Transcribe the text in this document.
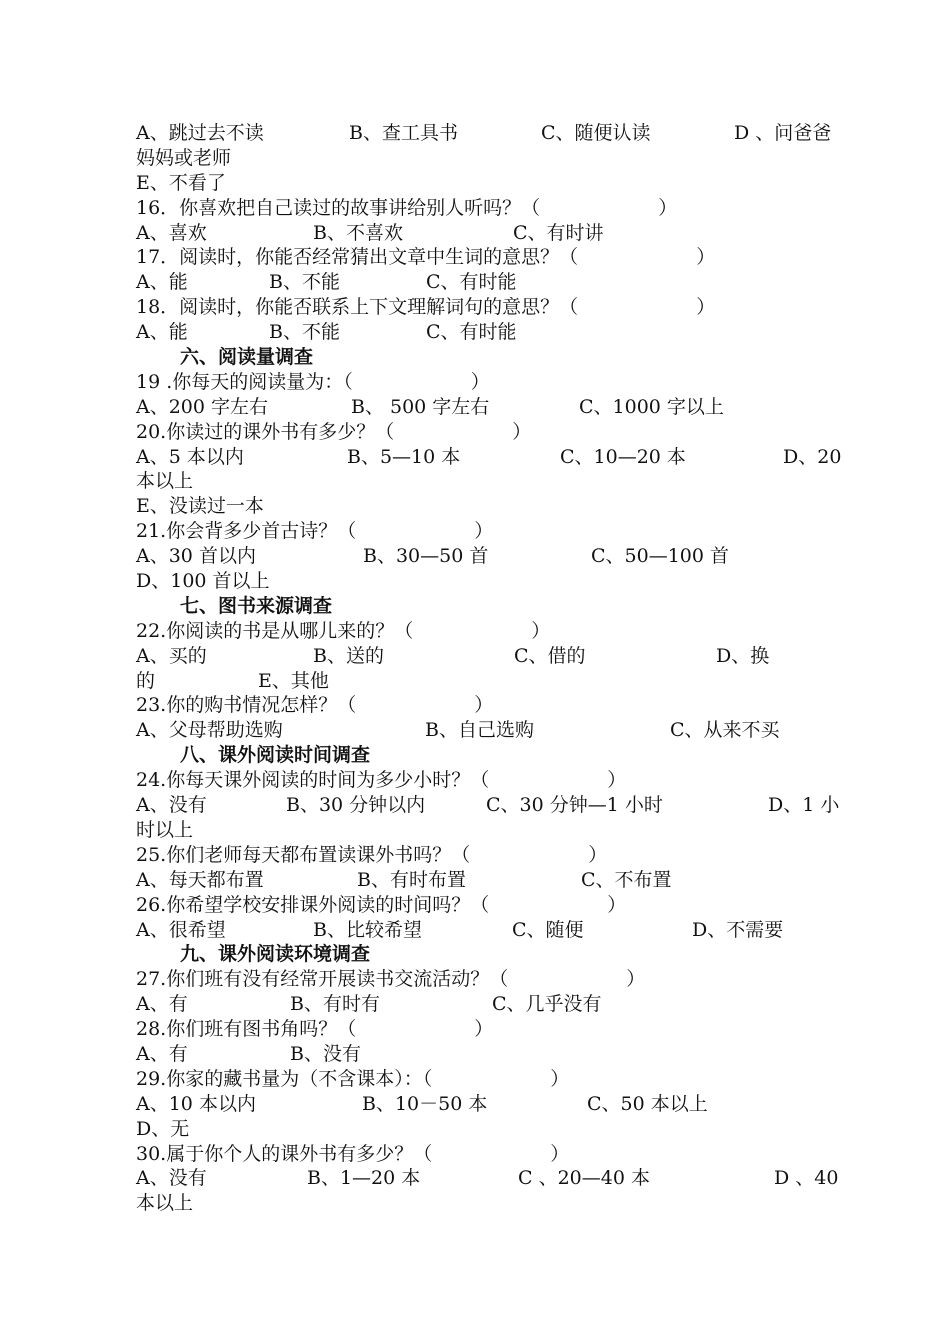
A、跳过去不读	B、查工具书	C、随便认读	D 、问爸爸
妈妈或老师
E、不看了
16．你喜欢把自己读过的故事讲给别人听吗？（	）
A、喜欢	B、不喜欢	C、有时讲
17．阅读时，你能否经常猜出文章中生词的意思？（	）
A、能	B、不能	C、有时能
18．阅读时，你能否联系上下文理解词句的意思？（	）
A、能	B、不能	C、有时能
六、阅读量调查
19 .你每天的阅读量为：（	）
A、200 字左右	B、 500 字左右	C、1000 字以上
20.你读过的课外书有多少？（	）
A、5 本以内	B、5—10 本	C、10—20 本	D、20
本以上
E、没读过一本
21.你会背多少首古诗？（	）
A、30 首以内	B、30—50 首	C、50—100 首
D、100 首以上
七、图书来源调查
22.你阅读的书是从哪儿来的？（	）
A、买的	B、送的	C、借的	D、换
的	E、其他
23.你的购书情况怎样？（	）
A、父母帮助选购	B、自己选购	C、从来不买
八、课外阅读时间调查
24.你每天课外阅读的时间为多少小时？（	）
A、没有	B、30 分钟以内	C、30 分钟—1 小时	D、1 小
时以上
25.你们老师每天都布置读课外书吗？（	）
A、每天都布置	B、有时布置	C、不布置
26.你希望学校安排课外阅读的时间吗？（	）
A、很希望	B、比较希望	C、随便	D、不需要
九、课外阅读环境调查
27.你们班有没有经常开展读书交流活动？（	）
A、有	B、有时有	C、几乎没有
28.你们班有图书角吗？（	）
A、有	B、没有
29.你家的藏书量为（不含课本）：（	）
A、10 本以内	B、10－50 本	C、50 本以上
D、无
30.属于你个人的课外书有多少？（	）
A、没有	B、1—20 本	C 、20—40 本	D 、40
本以上
